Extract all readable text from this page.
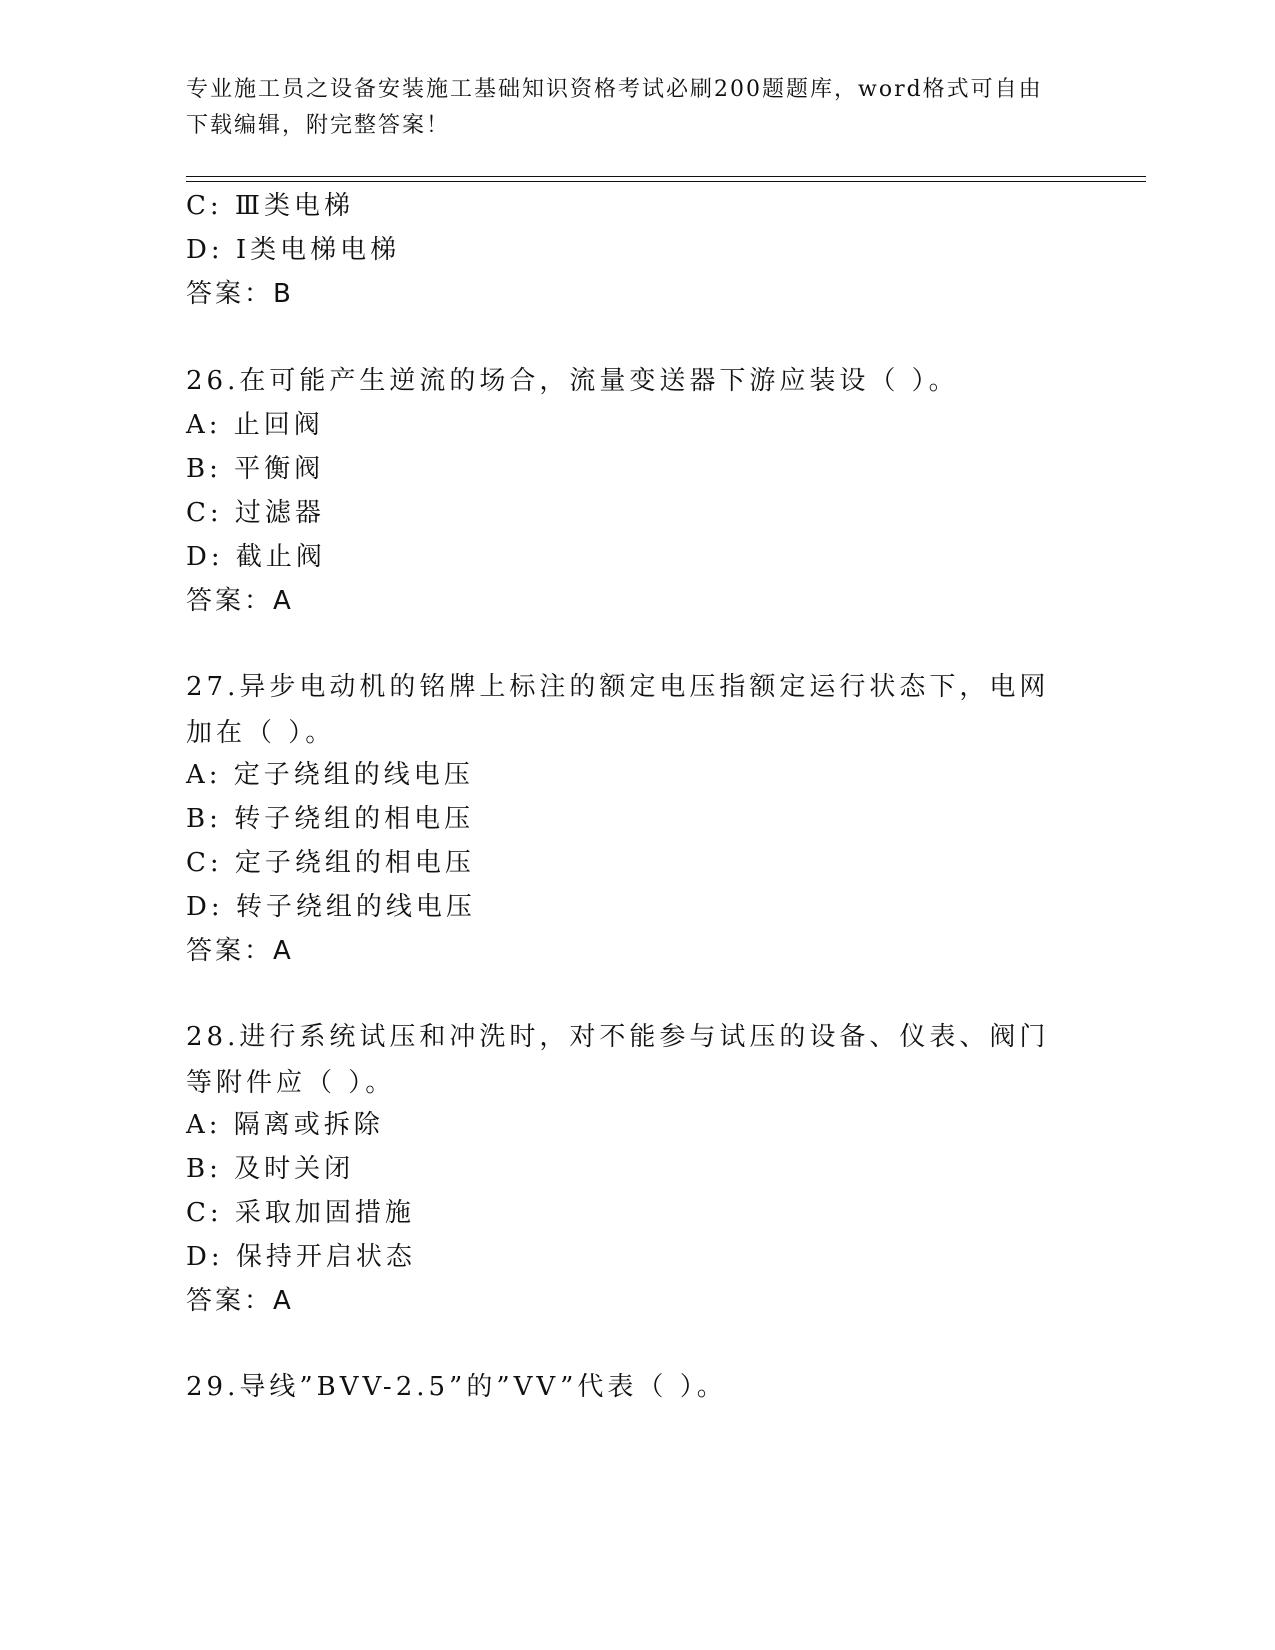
专业施工员之设备安装施工基础知识资格考试必刷200题题库，word格式可自由下载编辑，附完整答案！
C: Ⅲ类电梯
D: Ⅰ类电梯电梯
答案：B
26.在可能产生逆流的场合，流量变送器下游应装设（ ）。
A: 止回阀
B: 平衡阀
C: 过滤器
D: 截止阀
答案：A
27.异步电动机的铭牌上标注的额定电压指额定运行状态下，电网加在（ ）。
A: 定子绕组的线电压
B: 转子绕组的相电压
C: 定子绕组的相电压
D: 转子绕组的线电压
答案：A
28.进行系统试压和冲洗时，对不能参与试压的设备、仪表、阀门等附件应（ ）。
A: 隔离或拆除
B: 及时关闭
C: 采取加固措施
D: 保持开启状态
答案：A
29.导线”BVV-2.5”的”VV”代表（ ）。
